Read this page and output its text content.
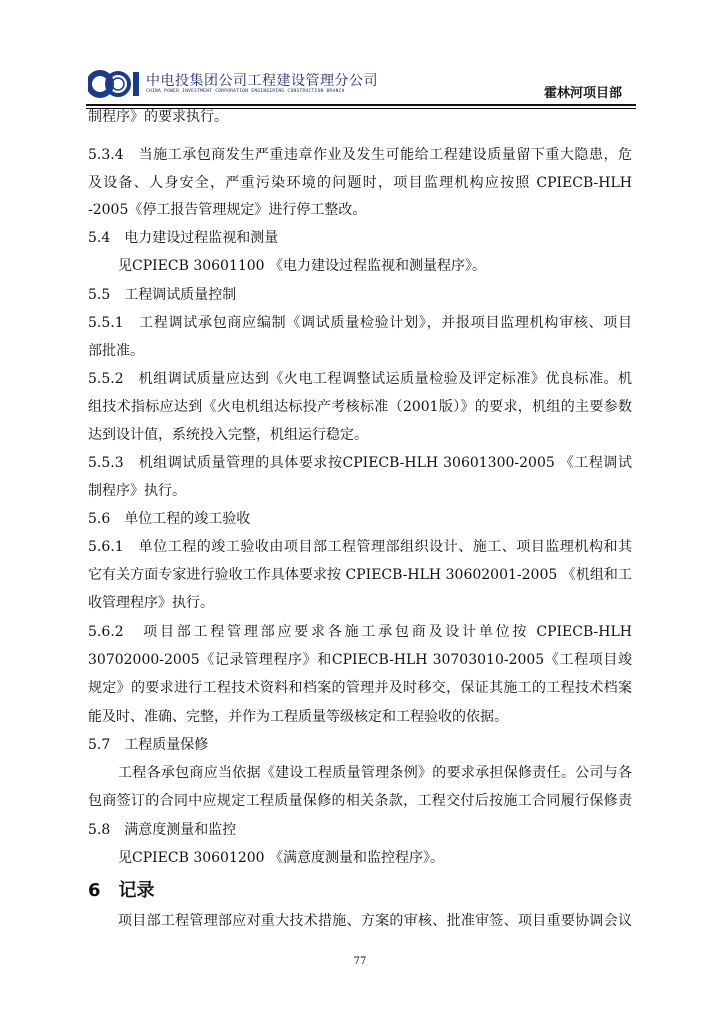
中电投集团公司工程建设管理分公司
CHINA POWER INVESTMENT CORPORATION ENGINEERING CONSTRUCTION BRANCH	霍林河项目部
制程序》的要求执行。
5.3.4　当施工承包商发生严重违章作业及发生可能给工程建设质量留下重大隐患，危
及设备、人身安全，严重污染环境的问题时，项目监理机构应按照 CPIECB-HLH
-2005《停工报告管理规定》进行停工整改。
5.4　电力建设过程监视和测量
见CPIECB 30601100 《电力建设过程监视和测量程序》。
5.5　工程调试质量控制
5.5.1　工程调试承包商应编制《调试质量检验计划》，并报项目监理机构审核、项目
部批准。
5.5.2　机组调试质量应达到《火电工程调整试运质量检验及评定标准》优良标准。机
组技术指标应达到《火电机组达标投产考核标准（2001版）》的要求，机组的主要参数
达到设计值，系统投入完整，机组运行稳定。
5.5.3　机组调试质量管理的具体要求按CPIECB-HLH 30601300-2005 《工程调试
制程序》执行。
5.6　单位工程的竣工验收
5.6.1　单位工程的竣工验收由项目部工程管理部组织设计、施工、项目监理机构和其
它有关方面专家进行验收工作具体要求按 CPIECB-HLH 30602001-2005 《机组和工
收管理程序》执行。
5.6.2　项目部工程管理部应要求各施工承包商及设计单位按 CPIECB-HLH
30702000-2005《记录管理程序》和CPIECB-HLH 30703010-2005《工程项目竣
规定》的要求进行工程技术资料和档案的管理并及时移交，保证其施工的工程技术档案
能及时、准确、完整，并作为工程质量等级核定和工程验收的依据。
5.7　工程质量保修
工程各承包商应当依据《建设工程质量管理条例》的要求承担保修责任。公司与各
包商签订的合同中应规定工程质量保修的相关条款，工程交付后按施工合同履行保修责
5.8　满意度测量和监控
见CPIECB 30601200 《满意度测量和监控程序》。
6　记录
项目部工程管理部应对重大技术措施、方案的审核、批准审签、项目重要协调会议
77
